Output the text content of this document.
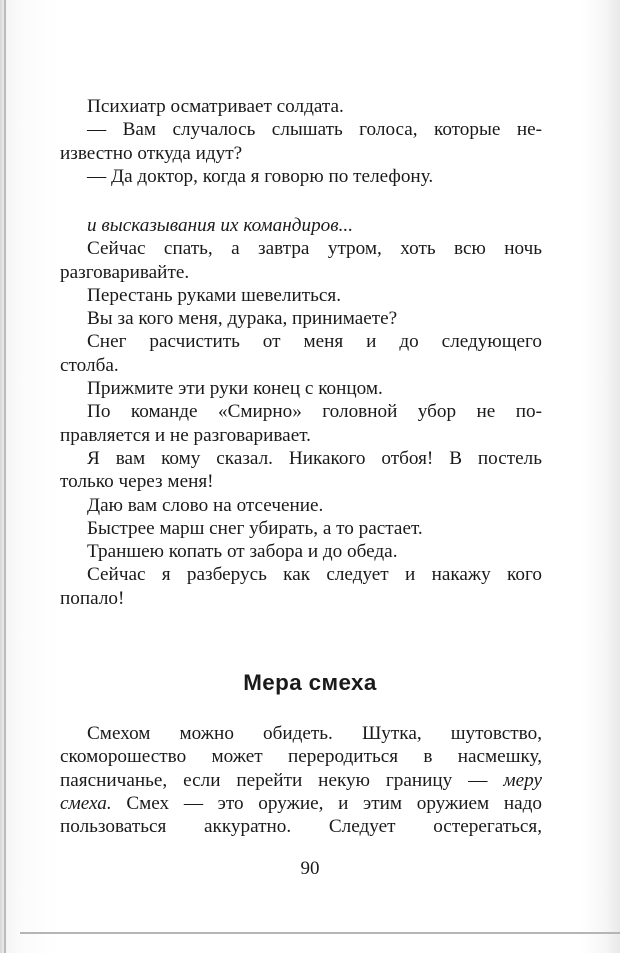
Психиатр осматривает солдата.
— Вам случалось слышать голоса, которые не-
известно откуда идут?
— Да доктор, когда я говорю по телефону.
и высказывания их командиров...
Сейчас спать, а завтра утром, хоть всю ночь
разговаривайте.
Перестань руками шевелиться.
Вы за кого меня, дурака, принимаете?
Снег расчистить от меня и до следующего
столба.
Прижмите эти руки конец с концом.
По команде «Смирно» головной убор не по-
правляется и не разговаривает.
Я вам кому сказал. Никакого отбоя! В постель
только через меня!
Даю вам слово на отсечение.
Быстрее марш снег убирать, а то растает.
Траншею копать от забора и до обеда.
Сейчас я разберусь как следует и накажу кого
попало!
Мера смеха
Смехом можно обидеть. Шутка, шутовство,
скоморошество может переродиться в насмешку,
паясничанье, если перейти некую границу — меру
смеха. Смех — это оружие, и этим оружием надо
пользоваться аккуратно. Следует остерегаться,

90
